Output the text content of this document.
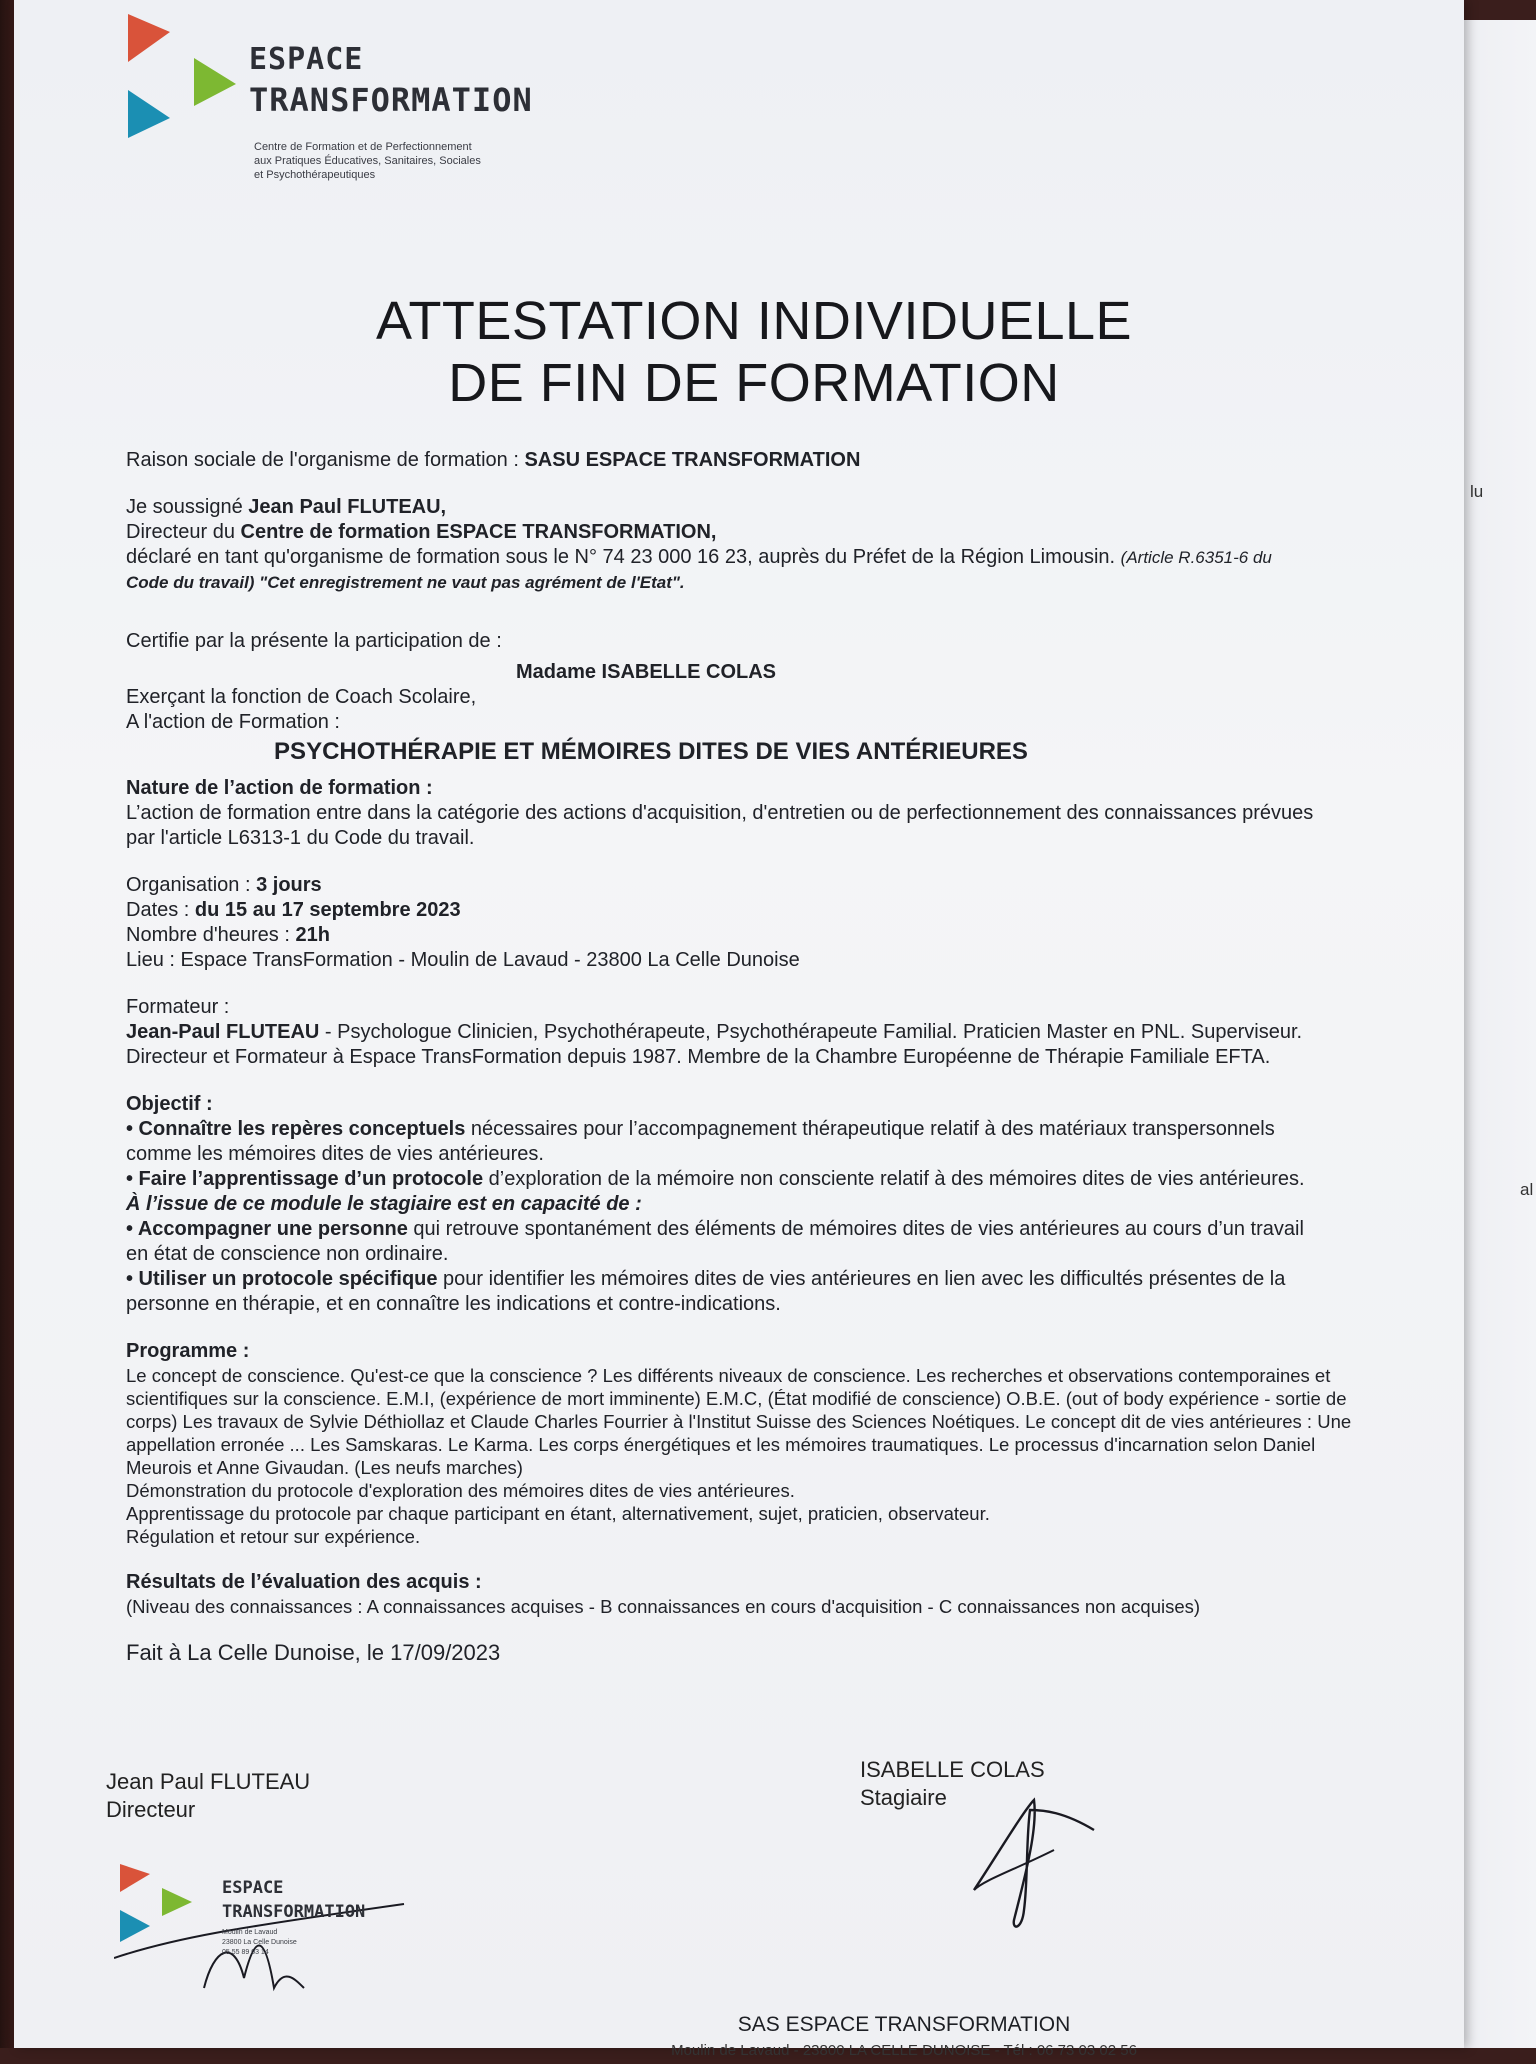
lu
al
ESPACE
TRANSFORMATION
Centre de Formation et de Perfectionnement
aux Pratiques Éducatives, Sanitaires, Sociales
et Psychothérapeutiques
ATTESTATION INDIVIDUELLE
DE FIN DE FORMATION
Raison sociale de l'organisme de formation : SASU ESPACE TRANSFORMATION
Je soussigné Jean Paul FLUTEAU,
Directeur du Centre de formation ESPACE TRANSFORMATION,
déclaré en tant qu'organisme de formation sous le N° 74 23 000 16 23, auprès du Préfet de la Région Limousin. (Article R.6351-6 du
Code du travail) "Cet enregistrement ne vaut pas agrément de l'Etat".
Certifie par la présente la participation de :
Madame ISABELLE COLAS
Exerçant la fonction de Coach Scolaire,
A l'action de Formation :
PSYCHOTHÉRAPIE ET MÉMOIRES DITES DE VIES ANTÉRIEURES
Nature de l’action de formation :
L’action de formation entre dans la catégorie des actions d'acquisition, d'entretien ou de perfectionnement des connaissances prévues
par l'article L6313-1 du Code du travail.
Organisation : 3 jours
Dates : du 15 au 17 septembre 2023
Nombre d'heures : 21h
Lieu : Espace TransFormation - Moulin de Lavaud - 23800 La Celle Dunoise
Formateur :
Jean-Paul FLUTEAU - Psychologue Clinicien, Psychothérapeute, Psychothérapeute Familial. Praticien Master en PNL. Superviseur.
Directeur et Formateur à Espace TransFormation depuis 1987. Membre de la Chambre Européenne de Thérapie Familiale EFTA.
Objectif :
• Connaître les repères conceptuels nécessaires pour l’accompagnement thérapeutique relatif à des matériaux transpersonnels
comme les mémoires dites de vies antérieures.
• Faire l’apprentissage d’un protocole d’exploration de la mémoire non consciente relatif à des mémoires dites de vies antérieures.
À l’issue de ce module le stagiaire est en capacité de :
• Accompagner une personne qui retrouve spontanément des éléments de mémoires dites de vies antérieures au cours d’un travail
en état de conscience non ordinaire.
• Utiliser un protocole spécifique pour identifier les mémoires dites de vies antérieures en lien avec les difficultés présentes de la
personne en thérapie, et en connaître les indications et contre-indications.
Programme :
Le concept de conscience. Qu'est-ce que la conscience ? Les différents niveaux de conscience. Les recherches et observations contemporaines et
scientifiques sur la conscience. E.M.I, (expérience de mort imminente) E.M.C, (État modifié de conscience) O.B.E. (out of body expérience - sortie de
corps) Les travaux de Sylvie Déthiollaz et Claude Charles Fourrier à l'Institut Suisse des Sciences Noétiques. Le concept dit de vies antérieures : Une
appellation erronée ... Les Samskaras. Le Karma. Les corps énergétiques et les mémoires traumatiques. Le processus d'incarnation selon Daniel
Meurois et Anne Givaudan. (Les neufs marches)
Démonstration du protocole d'exploration des mémoires dites de vies antérieures.
Apprentissage du protocole par chaque participant en étant, alternativement, sujet, praticien, observateur.
Régulation et retour sur expérience.
Résultats de l’évaluation des acquis :
(Niveau des connaissances : A connaissances acquises - B connaissances en cours d'acquisition - C connaissances non acquises)
Fait à La Celle Dunoise, le 17/09/2023
Jean Paul FLUTEAU
Directeur
ISABELLE COLAS
Stagiaire
ESPACE
TRANSFORMATION
Moulin de Lavaud
23800 La Celle Dunoise
05 55 89 03 14
SAS ESPACE TRANSFORMATION
Moulin de Lavaud - 23800 LA CELLE DUNOISE - Tél : 06 73 03 02 56
